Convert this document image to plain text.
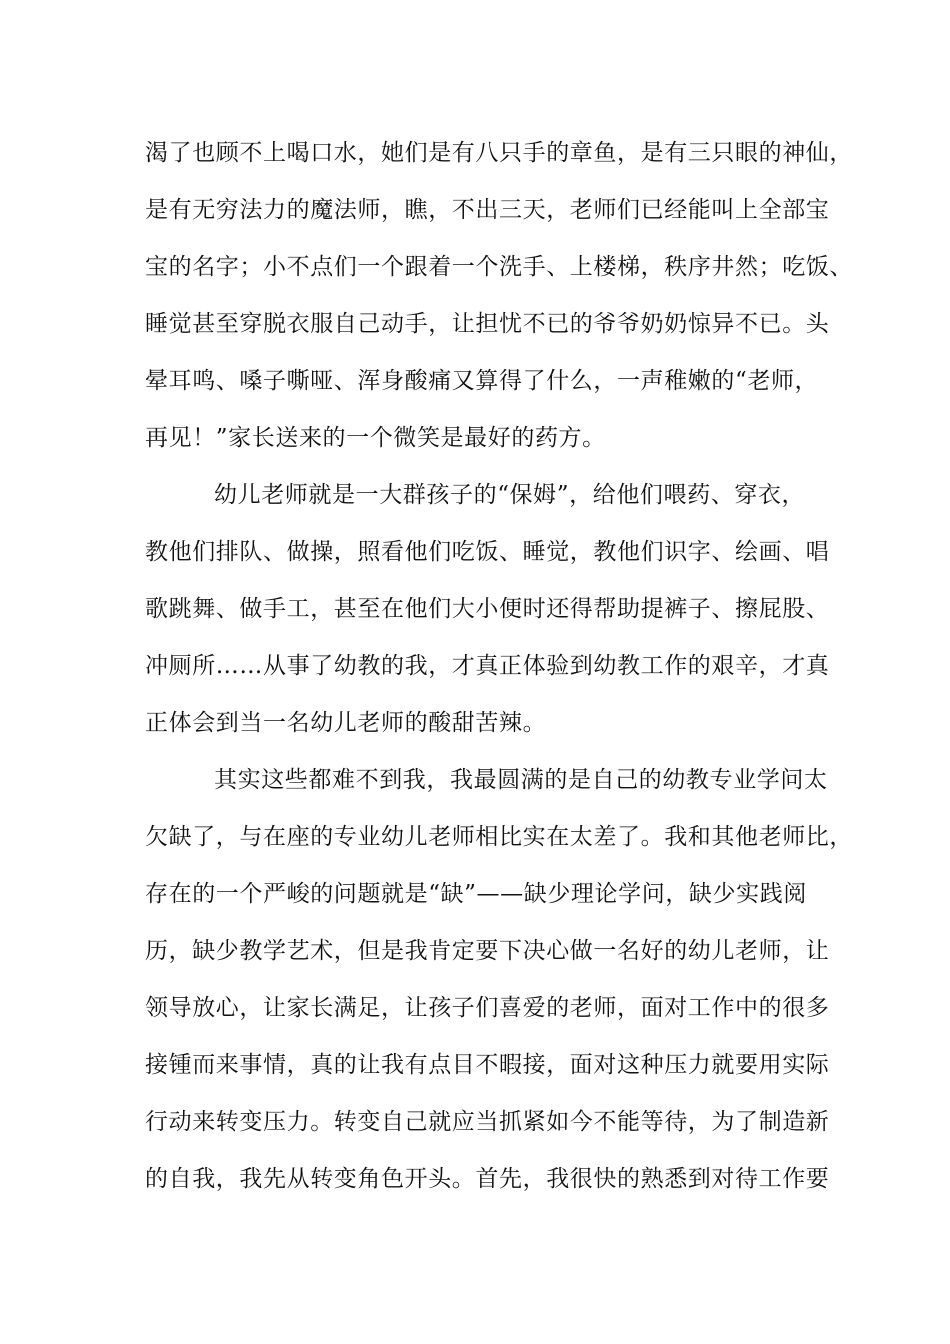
渴了也顾不上喝口水，她们是有八只手的章鱼，是有三只眼的神仙，
是有无穷法力的魔法师，瞧，不出三天，老师们已经能叫上全部宝
宝的名字；小不点们一个跟着一个洗手、上楼梯，秩序井然；吃饭、
睡觉甚至穿脱衣服自己动手，让担忧不已的爷爷奶奶惊异不已。头
晕耳鸣、嗓子嘶哑、浑身酸痛又算得了什么，一声稚嫩的“老师，
再见！”家长送来的一个微笑是最好的药方。
幼儿老师就是一大群孩子的“保姆”，给他们喂药、穿衣，
教他们排队、做操，照看他们吃饭、睡觉，教他们识字、绘画、唱
歌跳舞、做手工，甚至在他们大小便时还得帮助提裤子、擦屁股、
冲厕所……从事了幼教的我，才真正体验到幼教工作的艰辛，才真
正体会到当一名幼儿老师的酸甜苦辣。
其实这些都难不到我，我最圆满的是自己的幼教专业学问太
欠缺了，与在座的专业幼儿老师相比实在太差了。我和其他老师比，
存在的一个严峻的问题就是“缺”——缺少理论学问，缺少实践阅
历，缺少教学艺术，但是我肯定要下决心做一名好的幼儿老师，让
领导放心，让家长满足，让孩子们喜爱的老师，面对工作中的很多
接锺而来事情，真的让我有点目不暇接，面对这种压力就要用实际
行动来转变压力。转变自己就应当抓紧如今不能等待，为了制造新
的自我，我先从转变角色开头。首先，我很快的熟悉到对待工作要
